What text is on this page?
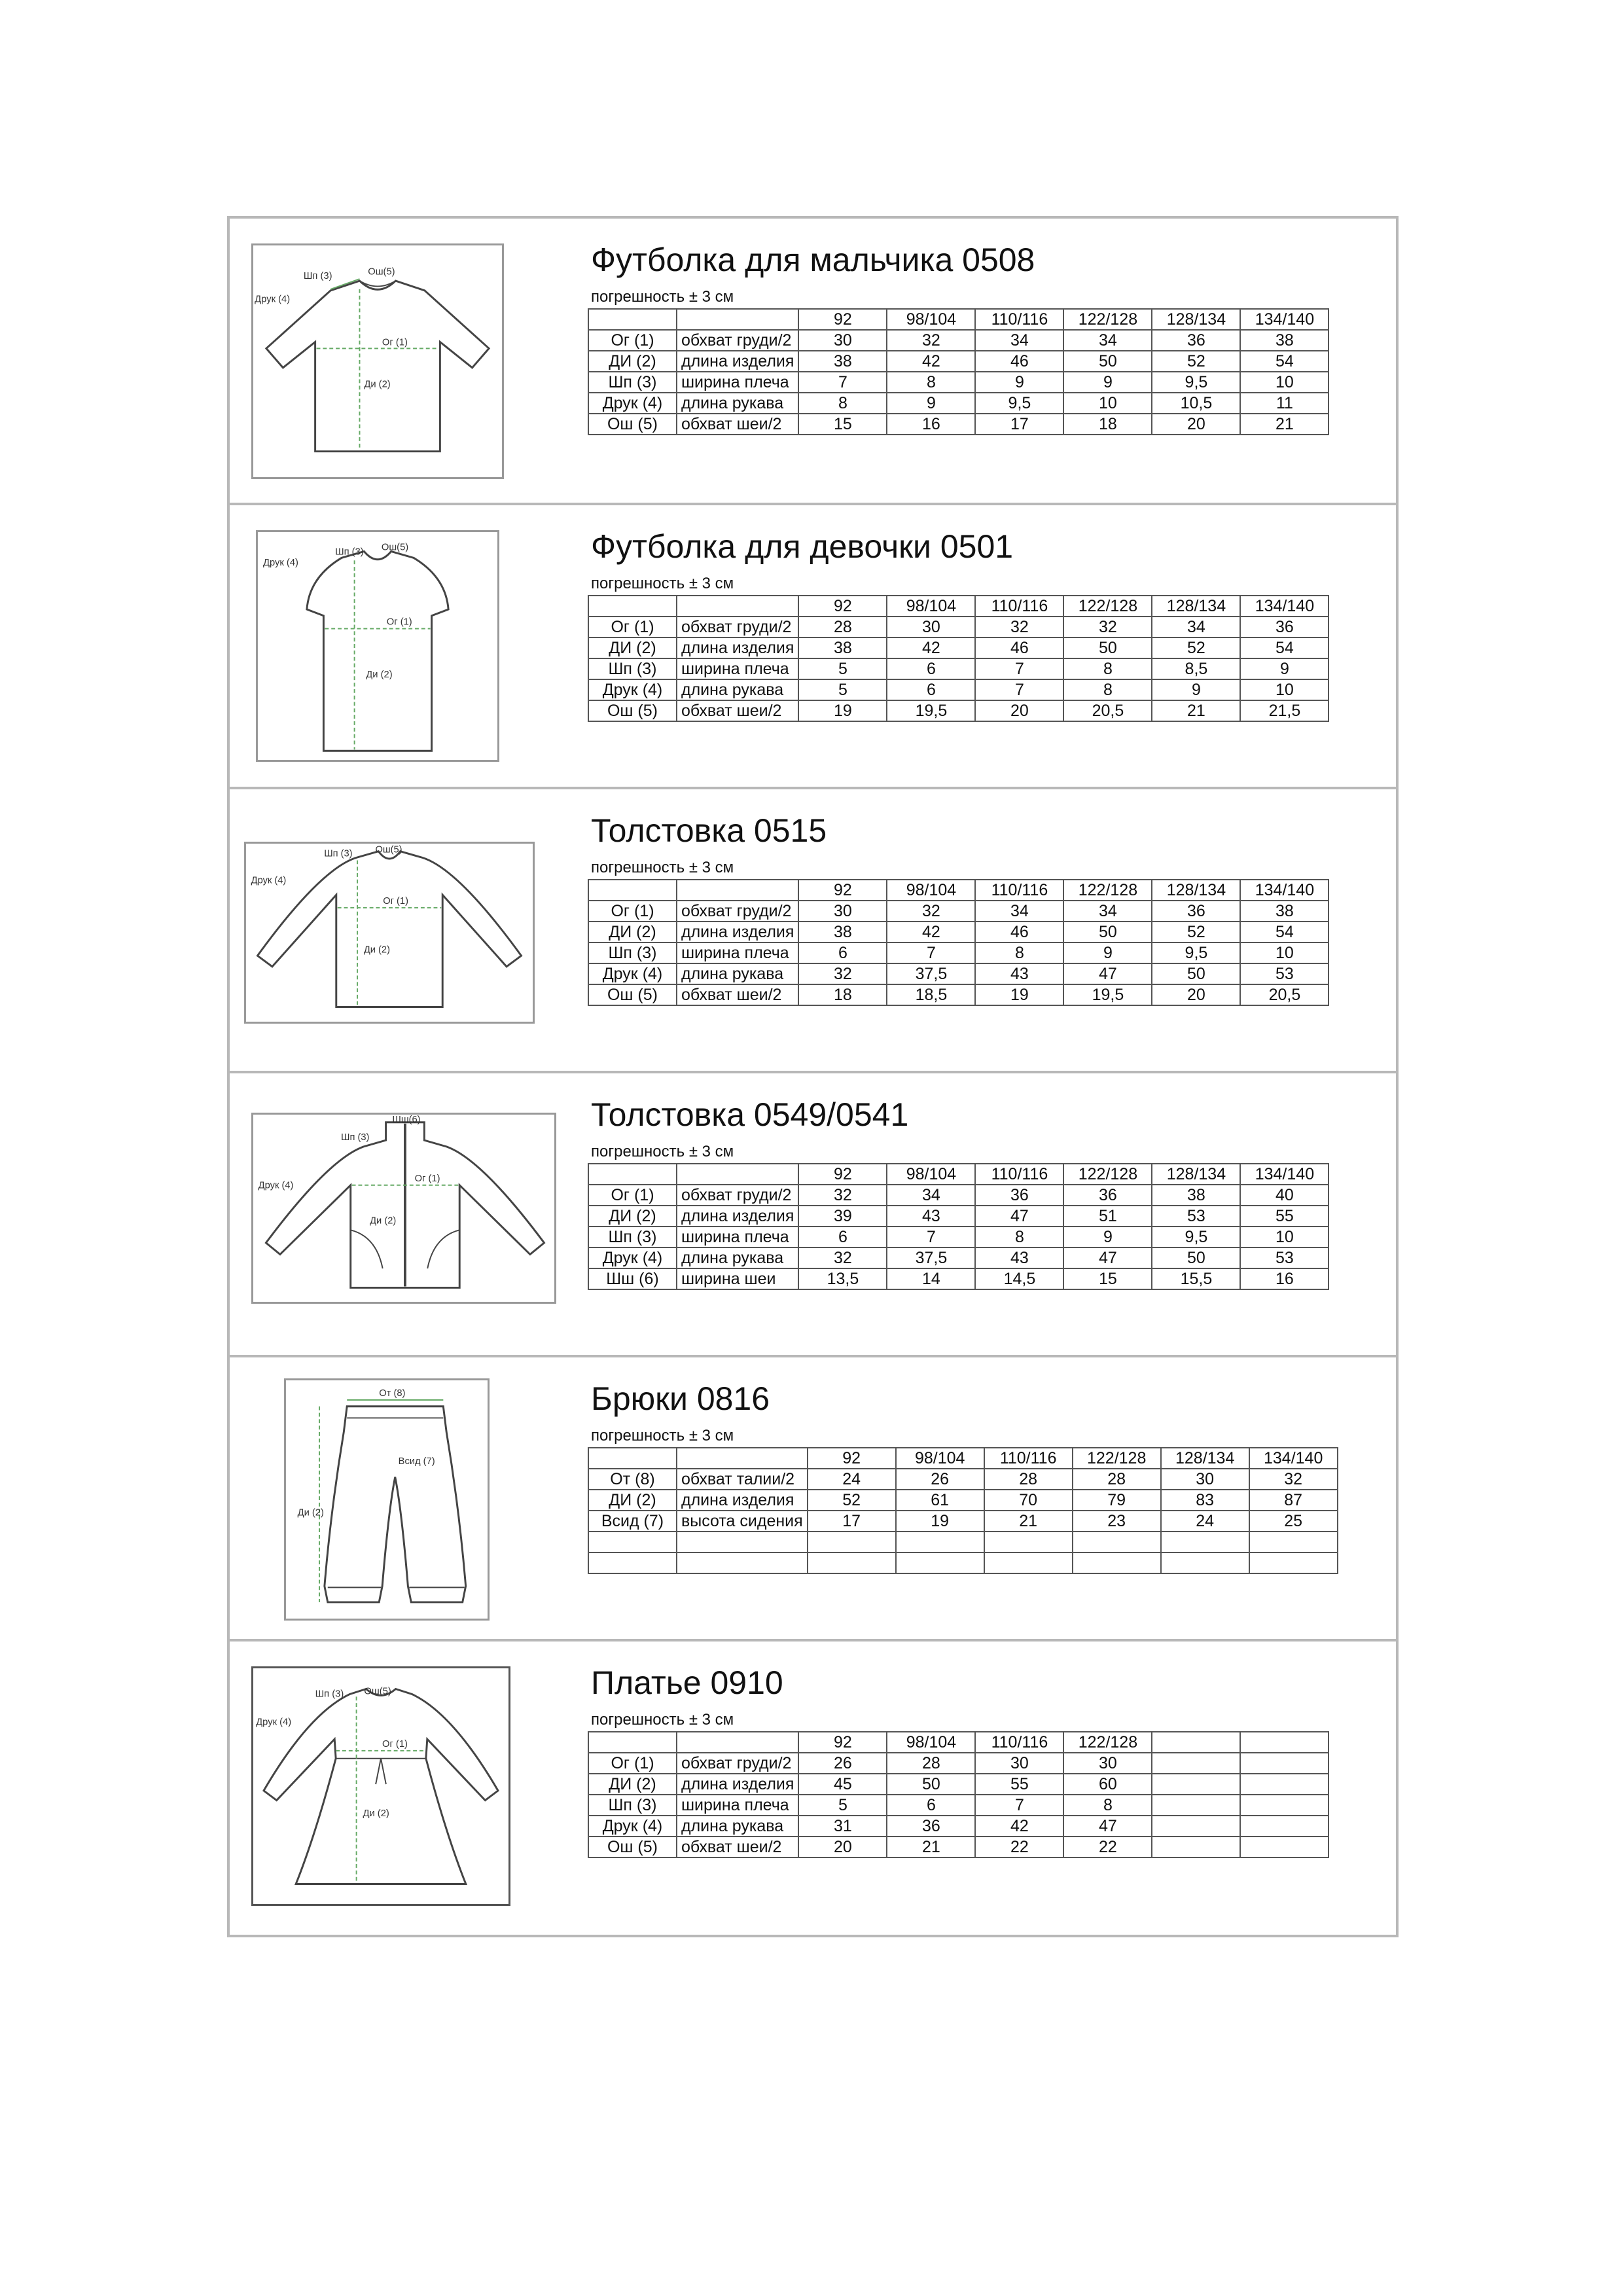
Шп (3)	Ош(5)
Друк (4)
Ог (1)
Ди (2)
Футболка для мальчика 0508
погрешность ± 3 см
		92	98/104	110/116	122/128	128/134	134/140
Ог (1)	обхват груди/2	30	32	34	34	36	38
ДИ (2)	длина изделия	38	42	46	50	52	54
Шп (3)	ширина плеча	7	8	9	9	9,5	10
Друк (4)	длина рукава	8	9	9,5	10	10,5	11
Ош (5)	обхват шеи/2	15	16	17	18	20	21
Шп (3) Ош(5)
Друк (4)
Ог (1)
Ди (2)
Футболка для девочки 0501
погрешность ± 3 см
		92	98/104	110/116	122/128	128/134	134/140
Ог (1)	обхват груди/2	28	30	32	32	34	36
ДИ (2)	длина изделия	38	42	46	50	52	54
Шп (3)	ширина плеча	5	6	7	8	8,5	9
Друк (4)	длина рукава	5	6	7	8	9	10
Ош (5)	обхват шеи/2	19	19,5	20	20,5	21	21,5
Шп (3) Ош(5)
Друк (4)
Ог (1)
Ди (2)
Толстовка 0515
погрешность ± 3 см
		92	98/104	110/116	122/128	128/134	134/140
Ог (1)	обхват груди/2	30	32	34	34	36	38
ДИ (2)	длина изделия	38	42	46	50	52	54
Шп (3)	ширина плеча	6	7	8	9	9,5	10
Друк (4)	длина рукава	32	37,5	43	47	50	53
Ош (5)	обхват шеи/2	18	18,5	19	19,5	20	20,5
Шш(6)
Шп (3)
Друк (4)
Ог (1)
Ди (2)
Толстовка 0549/0541
погрешность ± 3 см
		92	98/104	110/116	122/128	128/134	134/140
Ог (1)	обхват груди/2	32	34	36	36	38	40
ДИ (2)	длина изделия	39	43	47	51	53	55
Шп (3)	ширина плеча	6	7	8	9	9,5	10
Друк (4)	длина рукава	32	37,5	43	47	50	53
Шш (6)	ширина шеи	13,5	14	14,5	15	15,5	16
От (8)
Всид (7)
Ди (2)
Брюки 0816
погрешность ± 3 см
		92	98/104	110/116	122/128	128/134	134/140
От (8)	обхват талии/2	24	26	28	28	30	32
ДИ (2)	длина изделия	52	61	70	79	83	87
Всид (7)	высота сидения	17	19	21	23	24	25

Шп (3) Ош(5)
Друк (4)
Ог (1)
Ди (2)
Платье 0910
погрешность ± 3 см
		92	98/104	110/116	122/128		
Ог (1)	обхват груди/2	26	28	30	30		
ДИ (2)	длина изделия	45	50	55	60		
Шп (3)	ширина плеча	5	6	7	8		
Друк (4)	длина рукава	31	36	42	47		
Ош (5)	обхват шеи/2	20	21	22	22		
